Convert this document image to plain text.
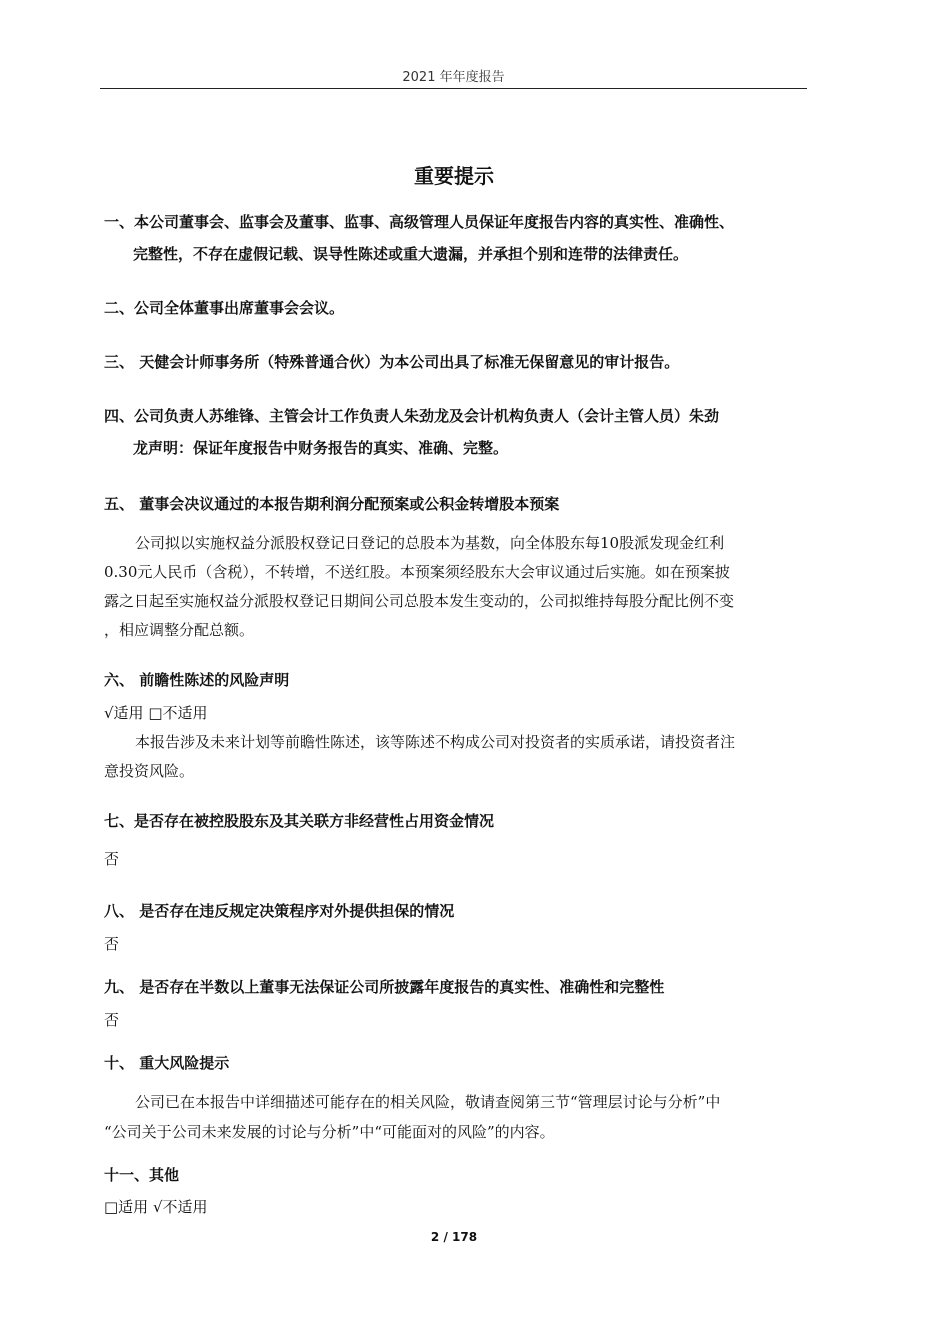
2021 年年度报告
重要提示
一、本公司董事会、监事会及董事、监事、高级管理人员保证年度报告内容的真实性、准确性、
完整性，不存在虚假记载、误导性陈述或重大遗漏，并承担个别和连带的法律责任。
二、公司全体董事出席董事会会议。
三、 天健会计师事务所（特殊普通合伙）为本公司出具了标准无保留意见的审计报告。
四、公司负责人苏维锋、主管会计工作负责人朱劲龙及会计机构负责人（会计主管人员）朱劲
龙声明：保证年度报告中财务报告的真实、准确、完整。
五、 董事会决议通过的本报告期利润分配预案或公积金转增股本预案
公司拟以实施权益分派股权登记日登记的总股本为基数，向全体股东每10股派发现金红利
0.30元人民币（含税），不转增，不送红股。本预案须经股东大会审议通过后实施。如在预案披
露之日起至实施权益分派股权登记日期间公司总股本发生变动的，公司拟维持每股分配比例不变
，相应调整分配总额。
六、 前瞻性陈述的风险声明
√适用 □不适用
本报告涉及未来计划等前瞻性陈述，该等陈述不构成公司对投资者的实质承诺，请投资者注
意投资风险。
七、是否存在被控股股东及其关联方非经营性占用资金情况
否
八、 是否存在违反规定决策程序对外提供担保的情况
否
九、 是否存在半数以上董事无法保证公司所披露年度报告的真实性、准确性和完整性
否
十、 重大风险提示
公司已在本报告中详细描述可能存在的相关风险，敬请查阅第三节“管理层讨论与分析”中
“公司关于公司未来发展的讨论与分析”中“可能面对的风险”的内容。
十一、其他
□适用 √不适用
2 / 178
